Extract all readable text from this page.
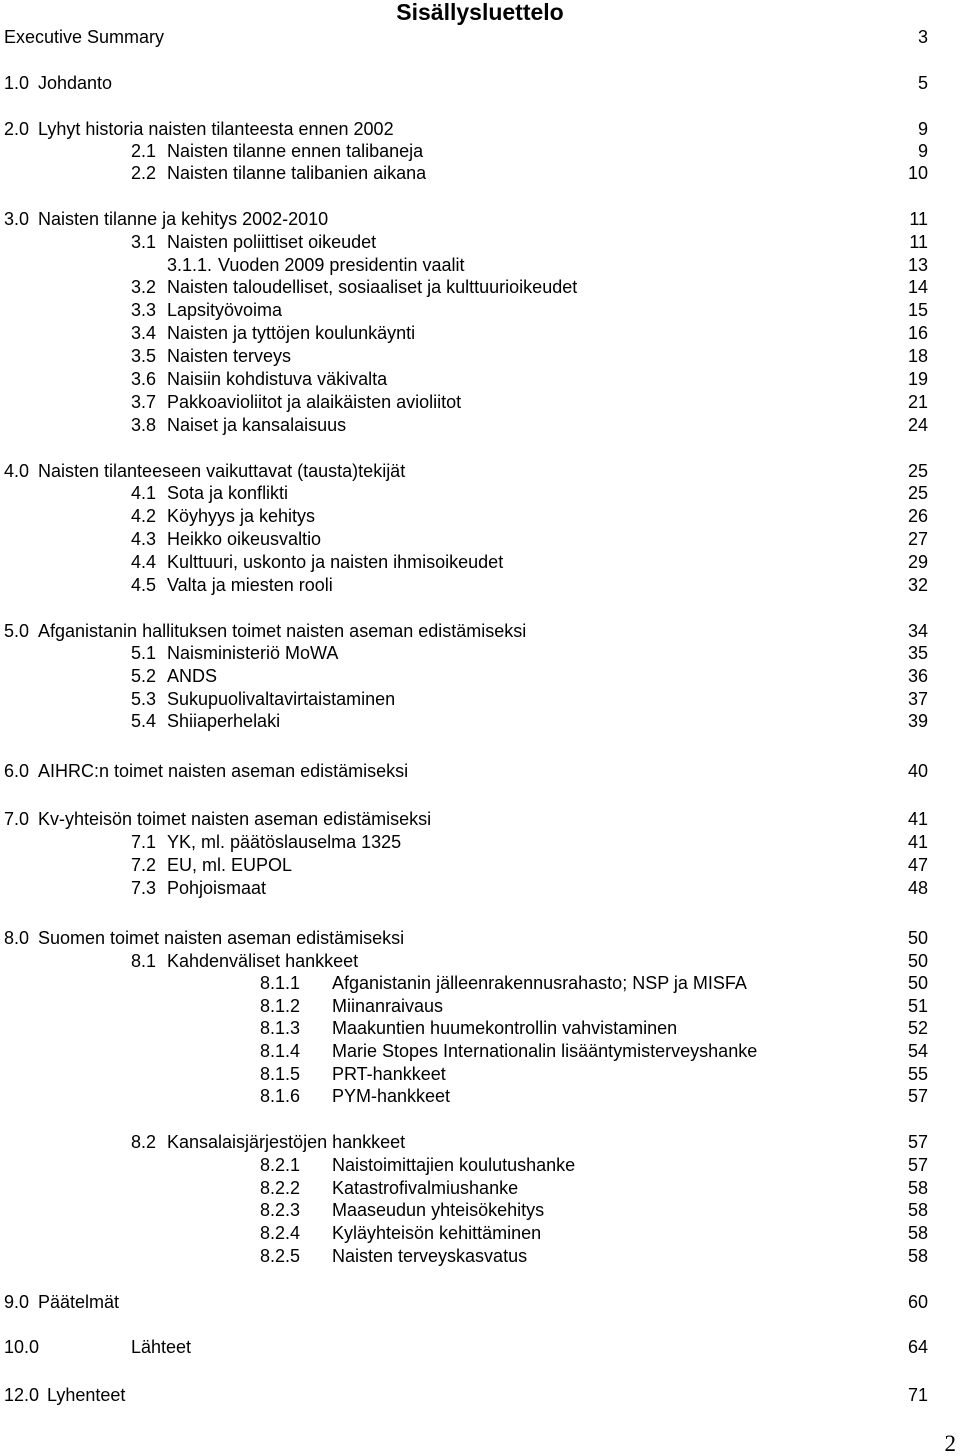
Sisällysluettelo
Executive Summary	3
1.0 Johdanto	5
2.0 Lyhyt historia naisten tilanteesta ennen 2002	9
2.1 Naisten tilanne ennen talibaneja	9
2.2 Naisten tilanne talibanien aikana	10
3.0 Naisten tilanne ja kehitys 2002-2010	11
3.1 Naisten poliittiset oikeudet	11
3.1.1. Vuoden 2009 presidentin vaalit	13
3.2 Naisten taloudelliset, sosiaaliset ja kulttuurioikeudet	14
3.3 Lapsityövoima	15
3.4 Naisten ja tyttöjen koulunkäynti	16
3.5 Naisten terveys	18
3.6 Naisiin kohdistuva väkivalta	19
3.7 Pakkoavioliitot ja alaikäisten avioliitot	21
3.8 Naiset ja kansalaisuus	24
4.0 Naisten tilanteeseen vaikuttavat (tausta)tekijät	25
4.1 Sota ja konflikti	25
4.2 Köyhyys ja kehitys	26
4.3 Heikko oikeusvaltio	27
4.4 Kulttuuri, uskonto ja naisten ihmisoikeudet	29
4.5 Valta ja miesten rooli	32
5.0 Afganistanin hallituksen toimet naisten aseman edistämiseksi	34
5.1 Naisministeriö MoWA	35
5.2 ANDS	36
5.3 Sukupuolivaltavirtaistaminen	37
5.4 Shiiaperhelaki	39
6.0 AIHRC:n toimet naisten aseman edistämiseksi	40
7.0 Kv-yhteisön toimet naisten aseman edistämiseksi	41
7.1 YK, ml. päätöslauselma 1325	41
7.2 EU, ml. EUPOL	47
7.3 Pohjoismaat	48
8.0 Suomen toimet naisten aseman edistämiseksi	50
8.1 Kahdenväliset hankkeet	50
8.1.1 Afganistanin jälleenrakennusrahasto; NSP ja MISFA	50
8.1.2 Miinanraivaus	51
8.1.3 Maakuntien huumekontrollin vahvistaminen	52
8.1.4 Marie Stopes Internationalin lisääntymisterveyshanke	54
8.1.5 PRT-hankkeet	55
8.1.6 PYM-hankkeet	57
8.2 Kansalaisjärjestöjen hankkeet	57
8.2.1 Naistoimittajien koulutushanke	57
8.2.2 Katastrofivalmiushanke	58
8.2.3 Maaseudun yhteisökehitys	58
8.2.4 Kyläyhteisön kehittäminen	58
8.2.5 Naisten terveyskasvatus	58
9.0 Päätelmät	60
10.0	Lähteet	64
12.0 Lyhenteet	71
2
